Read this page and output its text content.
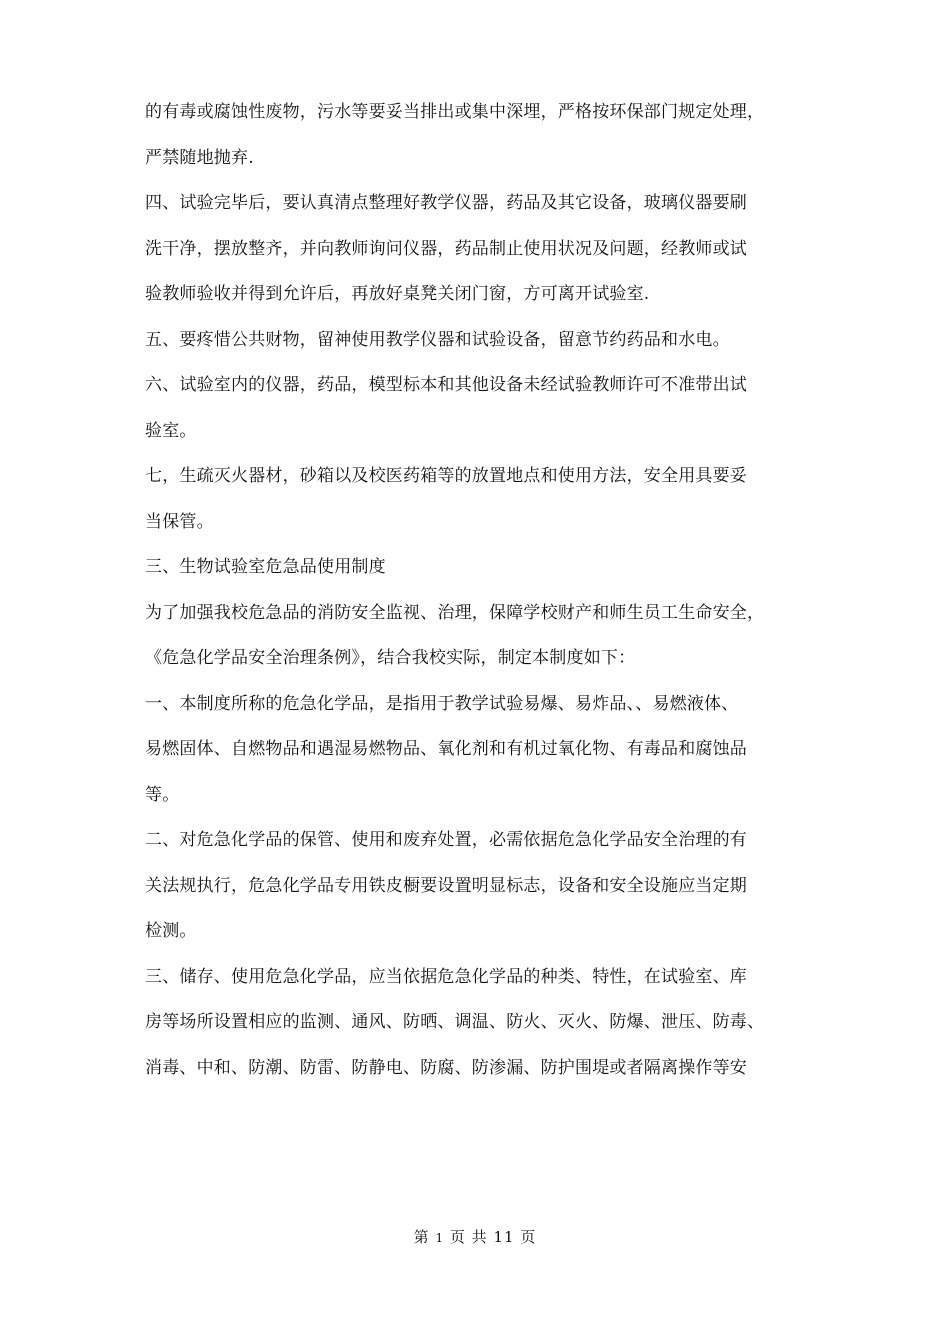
的有毒或腐蚀性废物，污水等要妥当排出或集中深埋，严格按环保部门规定处理，
严禁随地抛弃.
四、试验完毕后，要认真清点整理好教学仪器，药品及其它设备，玻璃仪器要刷
洗干净，摆放整齐，并向教师询问仪器，药品制止使用状况及问题，经教师或试
验教师验收并得到允许后，再放好桌凳关闭门窗，方可离开试验室.
五、要疼惜公共财物，留神使用教学仪器和试验设备，留意节约药品和水电。
六、试验室内的仪器，药品，模型标本和其他设备未经试验教师许可不准带出试
验室。
七，生疏灭火器材，砂箱以及校医药箱等的放置地点和使用方法，安全用具要妥
当保管。
三、生物试验室危急品使用制度
为了加强我校危急品的消防安全监视、治理，保障学校财产和师生员工生命安全，
《危急化学品安全治理条例》，结合我校实际，制定本制度如下：
一、本制度所称的危急化学品，是指用于教学试验易爆、易炸品、、易燃液体、
易燃固体、自燃物品和遇湿易燃物品、氧化剂和有机过氧化物、有毒品和腐蚀品
等。
二、对危急化学品的保管、使用和废弃处置，必需依据危急化学品安全治理的有
关法规执行，危急化学品专用铁皮橱要设置明显标志，设备和安全设施应当定期
检测。
三、储存、使用危急化学品，应当依据危急化学品的种类、特性，在试验室、库
房等场所设置相应的监测、通风、防晒、调温、防火、灭火、防爆、泄压、防毒、
消毒、中和、防潮、防雷、防静电、防腐、防渗漏、防护围堤或者隔离操作等安
第 1 页 共 11 页
